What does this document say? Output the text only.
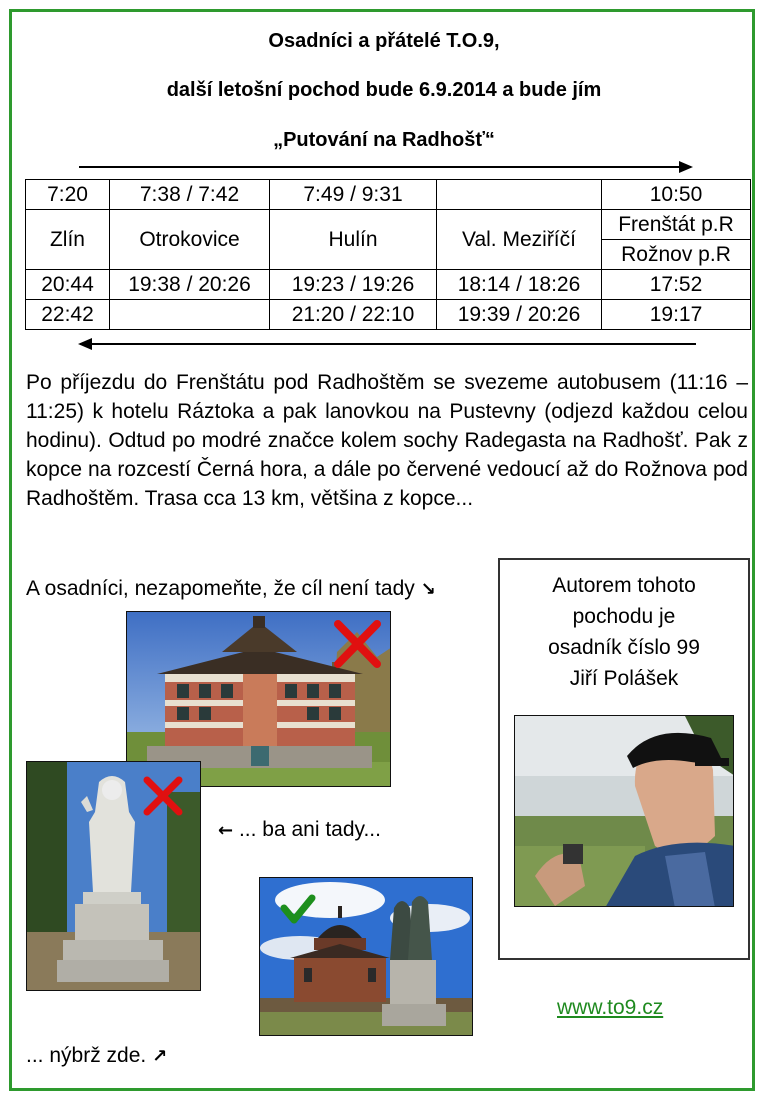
Osadníci a přátelé T.O.9,
další letošní pochod bude 6.9.2014 a bude jím
„Putování na Radhošť“
7:20	7:38 / 7:42	7:49 / 9:31		10:50
Zlín	Otrokovice	Hulín	Val. Meziříčí	Frenštát p.R
				Rožnov p.R
20:44	19:38 / 20:26	19:23 / 19:26	18:14 / 18:26	17:52
22:42		21:20 / 22:10	19:39 / 20:26	19:17
Po příjezdu do Frenštátu pod Radhoštěm se svezeme autobusem (11:16 – 11:25) k hotelu Ráztoka a pak lanovkou na Pustevny (odjezd každou celou hodinu). Odtud po modré značce kolem sochy Radegasta na Radhošť. Pak z kopce na rozcestí Černá hora, a dále po červené vedoucí až do Rožnova pod Radhoštěm. Trasa cca 13 km, většina z kopce...
A osadníci, nezapomeňte, že cíl není tady ↘
← ... ba ani tady...
... nýbrž zde. ↗
Autorem tohoto
pochodu je
osadník číslo 99
Jiří Polášek
www.to9.cz
